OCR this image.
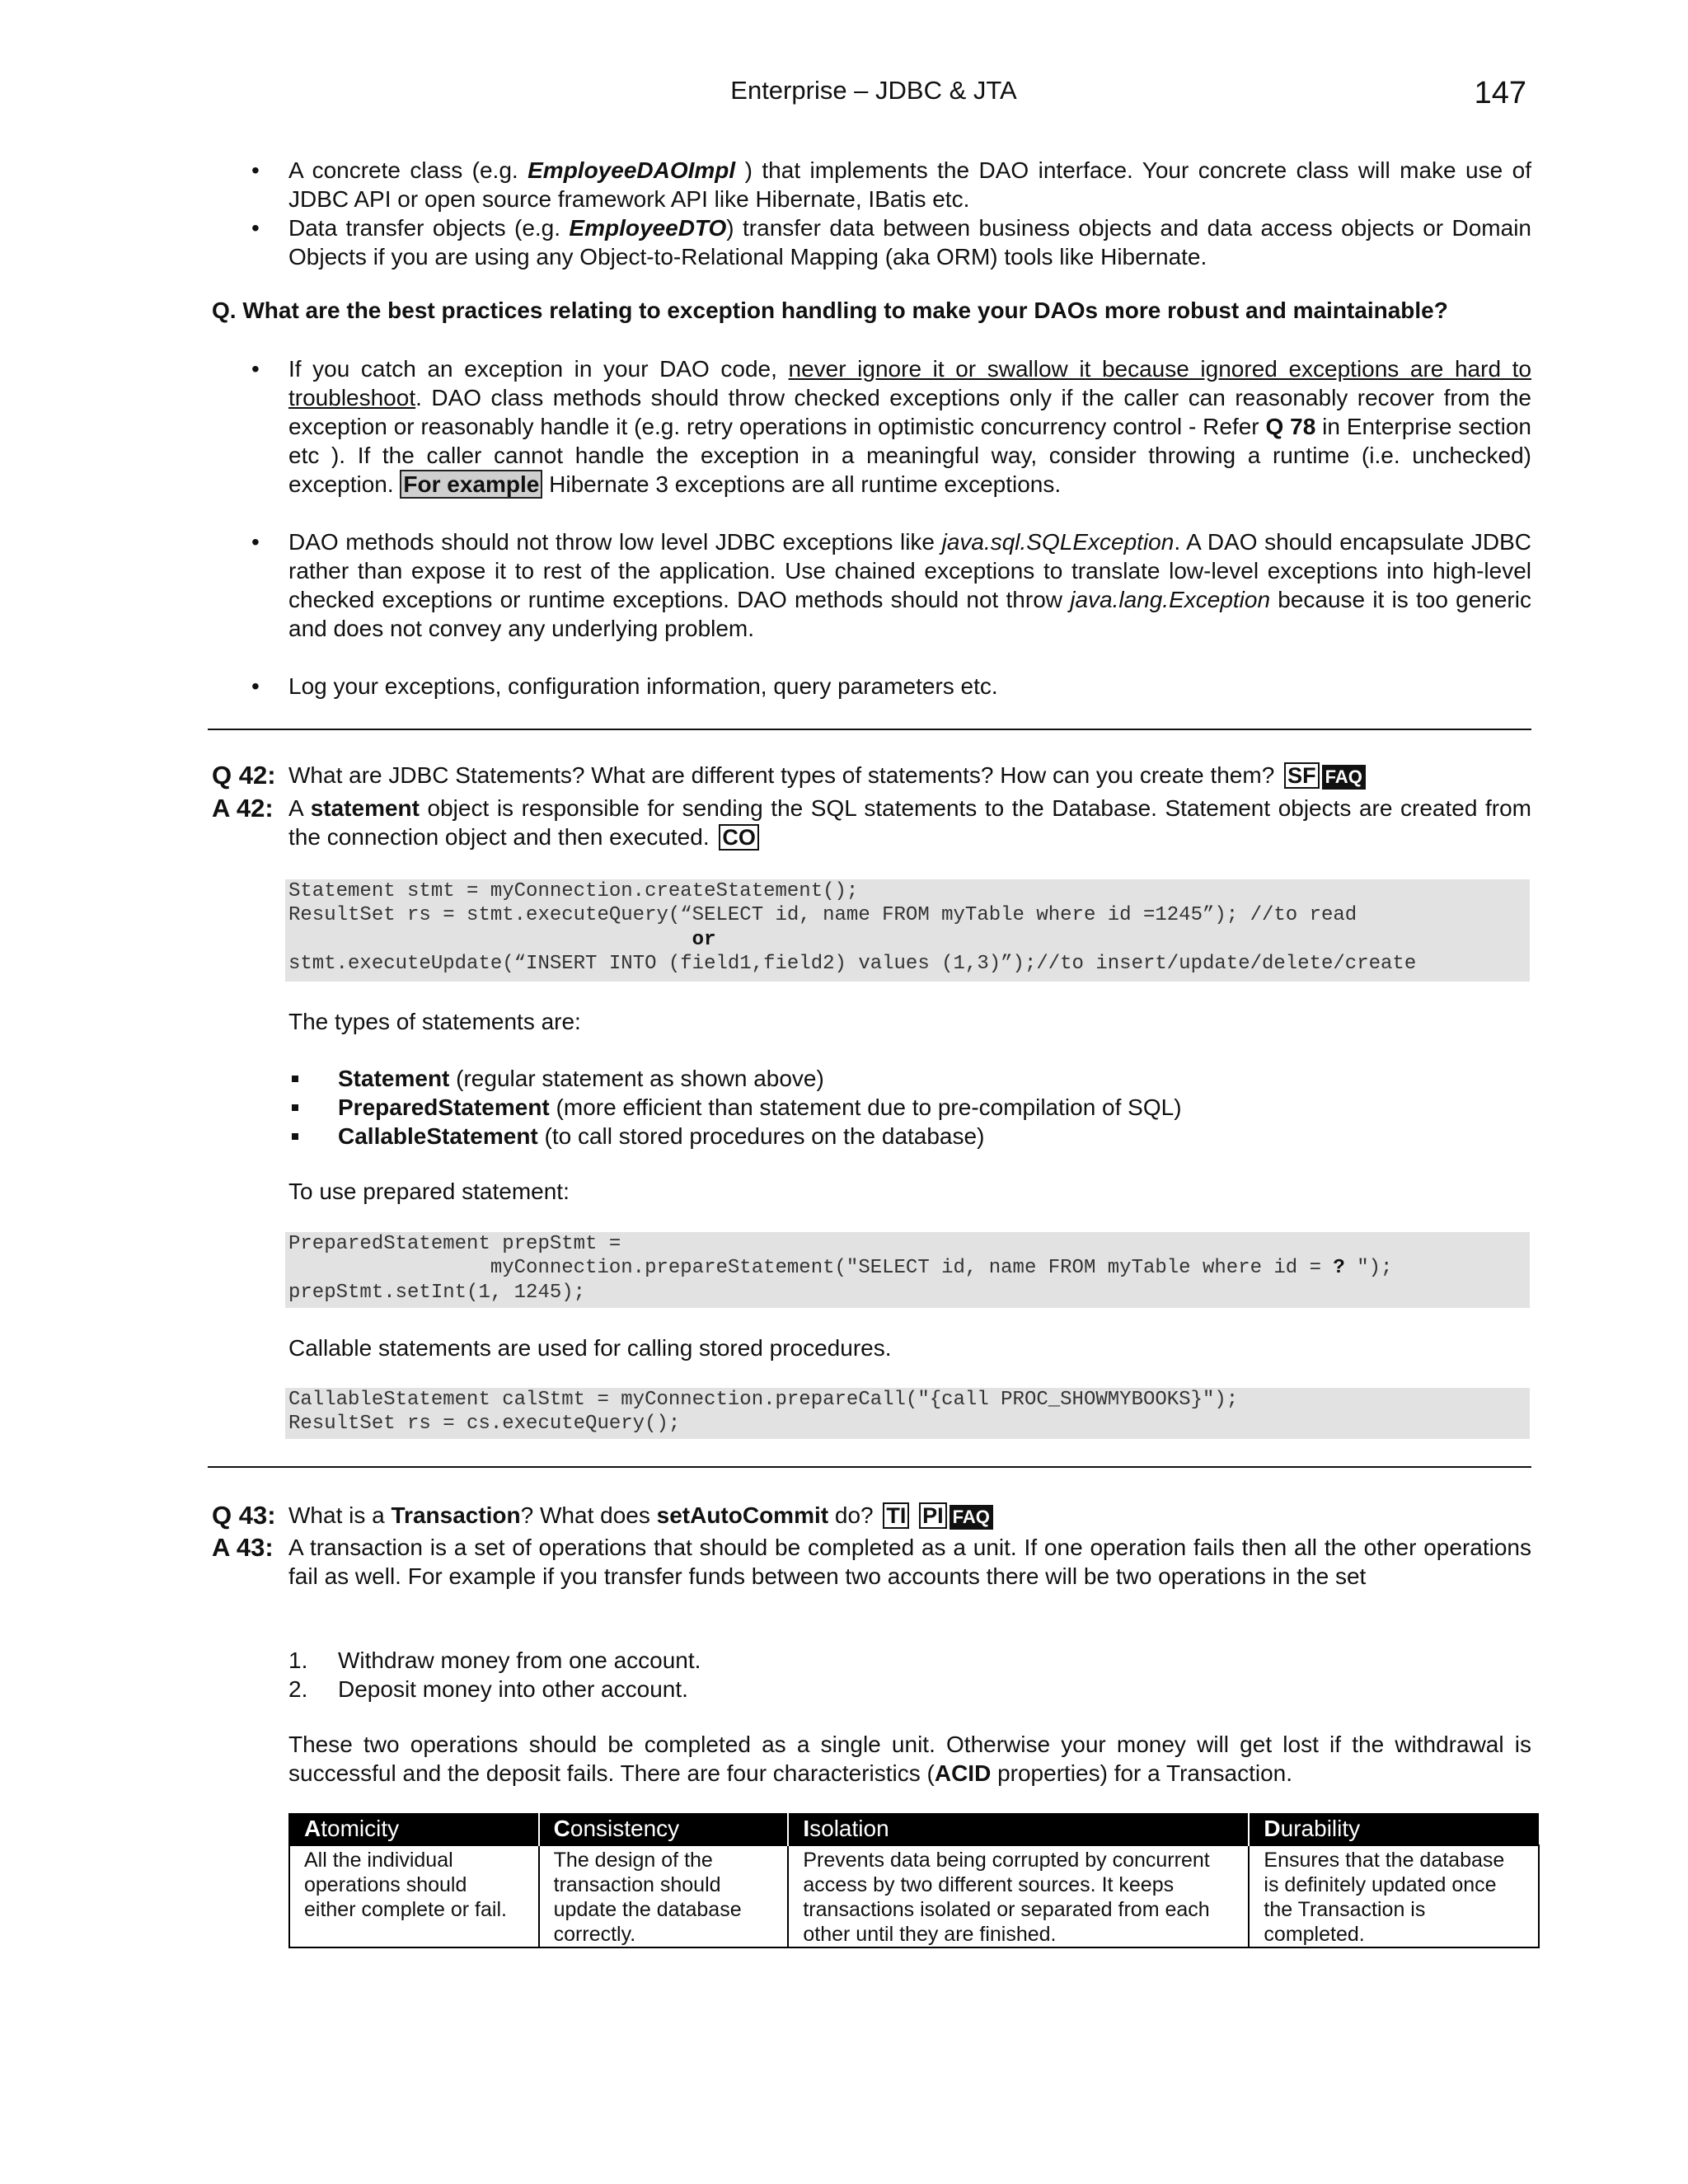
Enterprise – JDBC & JTA	147
• A concrete class (e.g. EmployeeDAOImpl ) that implements the DAO interface. Your concrete class will make use of JDBC API or open source framework API like Hibernate, IBatis etc.
• Data transfer objects (e.g. EmployeeDTO) transfer data between business objects and data access objects or Domain Objects if you are using any Object-to-Relational Mapping (aka ORM) tools like Hibernate.
Q. What are the best practices relating to exception handling to make your DAOs more robust and maintainable?
• If you catch an exception in your DAO code, never ignore it or swallow it because ignored exceptions are hard to troubleshoot. DAO class methods should throw checked exceptions only if the caller can reasonably recover from the exception or reasonably handle it (e.g. retry operations in optimistic concurrency control - Refer Q 78 in Enterprise section etc ). If the caller cannot handle the exception in a meaningful way, consider throwing a runtime (i.e. unchecked) exception. For example Hibernate 3 exceptions are all runtime exceptions.
• DAO methods should not throw low level JDBC exceptions like java.sql.SQLException. A DAO should encapsulate JDBC rather than expose it to rest of the application. Use chained exceptions to translate low-level exceptions into high-level checked exceptions or runtime exceptions. DAO methods should not throw java.lang.Exception because it is too generic and does not convey any underlying problem.
• Log your exceptions, configuration information, query parameters etc.
Q 42: What are JDBC Statements? What are different types of statements? How can you create them? SF FAQ

A 42: A statement object is responsible for sending the SQL statements to the Database. Statement objects are created from the connection object and then executed. CO

Statement stmt = myConnection.createStatement();
ResultSet rs = stmt.executeQuery(“SELECT id, name FROM myTable where id =1245”); //to read
or
stmt.executeUpdate(“INSERT INTO (field1,field2) values (1,3)”);//to insert/update/delete/create

The types of statements are:

Statement (regular statement as shown above)
PreparedStatement (more efficient than statement due to pre-compilation of SQL)
CallableStatement (to call stored procedures on the database)

To use prepared statement:

PreparedStatement prepStmt =
myConnection.prepareStatement("SELECT id, name FROM myTable where id = ? ");
prepStmt.setInt(1, 1245);

Callable statements are used for calling stored procedures.

CallableStatement calStmt = myConnection.prepareCall("{call PROC_SHOWMYBOOKS}");
ResultSet rs = cs.executeQuery();
Q 43: What is a Transaction? What does setAutoCommit do? TI PI FAQ

A 43: A transaction is a set of operations that should be completed as a unit. If one operation fails then all the other operations fail as well. For example if you transfer funds between two accounts there will be two operations in the set

1. Withdraw money from one account.
2. Deposit money into other account.

These two operations should be completed as a single unit. Otherwise your money will get lost if the withdrawal is successful and the deposit fails. There are four characteristics (ACID properties) for a Transaction.

Atomicity	Consistency	Isolation	Durability
All the individual operations should either complete or fail.	The design of the transaction should update the database correctly.	Prevents data being corrupted by concurrent access by two different sources. It keeps transactions isolated or separated from each other until they are finished.	Ensures that the database is definitely updated once the Transaction is completed.
